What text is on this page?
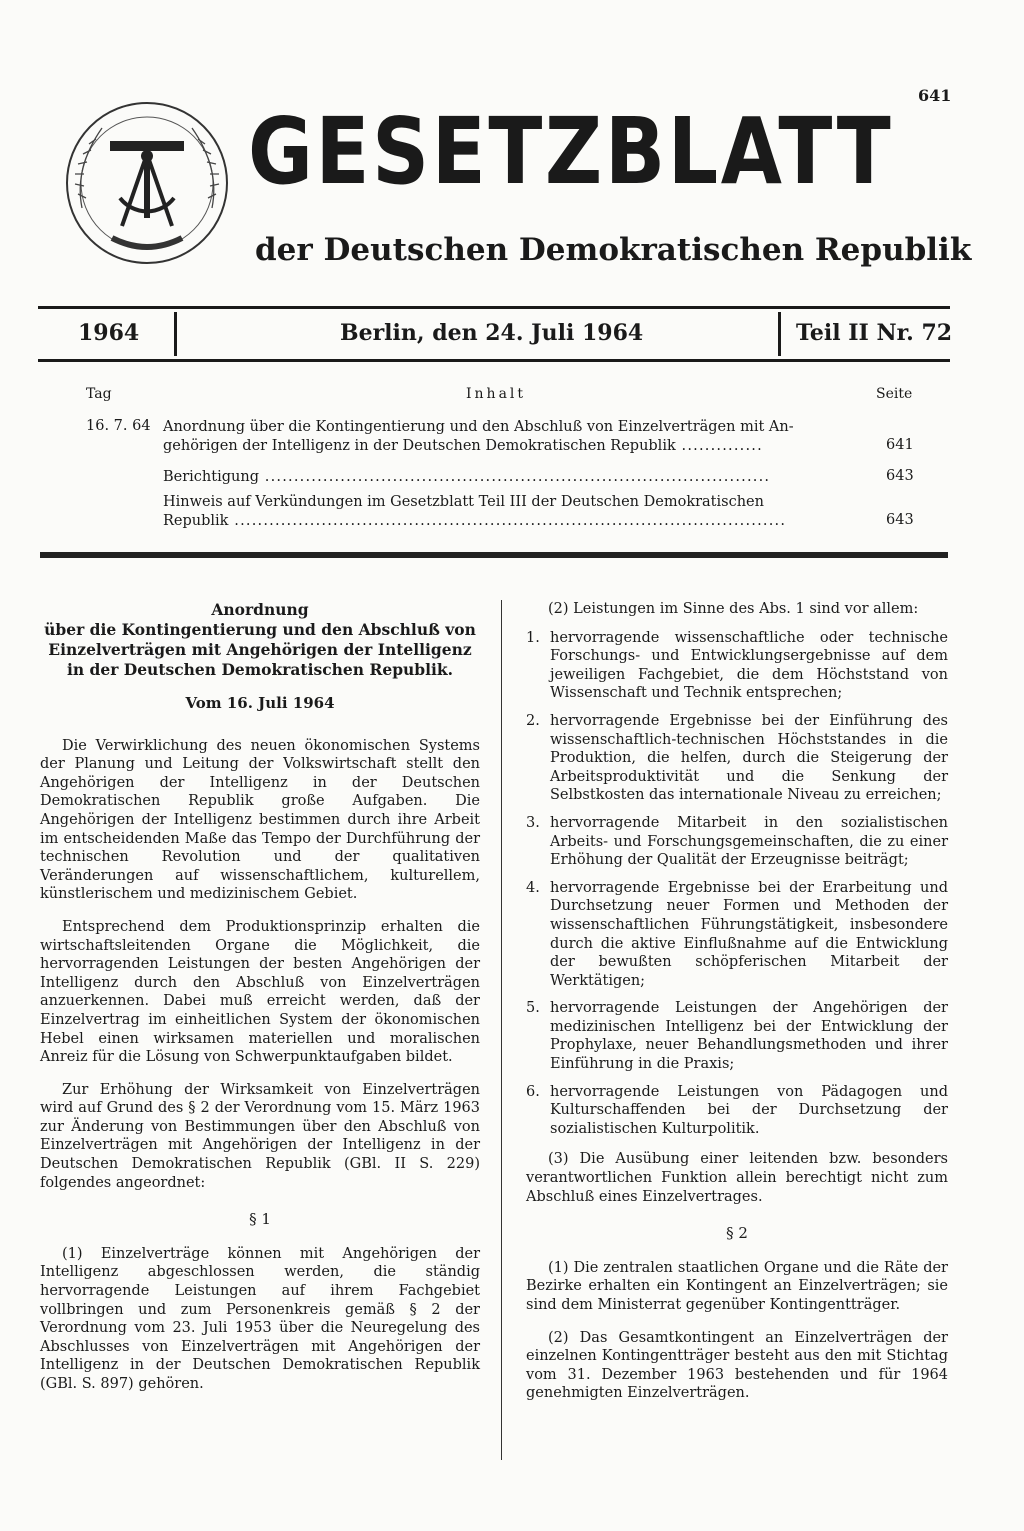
641
GESETZBLATT
der Deutschen Demokratischen Republik
1964	Berlin, den 24. Juli 1964	Teil II Nr. 72
Tag	Inhalt	Seite
16. 7. 64 Anordnung über die Kontingentierung und den Abschluß von Einzelverträgen mit An-
gehörigen der Intelligenz in der Deutschen Demokratischen Republik ..............	641
Berichtigung .......................................................................................	643
Hinweis auf Verkündungen im Gesetzblatt Teil III der Deutschen Demokratischen
Republik ...............................................................................................	643
Anordnung
über die Kontingentierung und den Abschluß von
Einzelverträgen mit Angehörigen der Intelligenz
in der Deutschen Demokratischen Republik.
Vom 16. Juli 1964

Die Verwirklichung des neuen ökonomischen Systems der Planung und Leitung der Volkswirtschaft stellt den Angehörigen der Intelligenz in der Deutschen Demokratischen Republik große Aufgaben. Die Angehörigen der Intelligenz bestimmen durch ihre Arbeit im entscheidenden Maße das Tempo der Durchführung der technischen Revolution und der qualitativen Veränderungen auf wissenschaftlichem, kulturellem, künstlerischem und medizinischem Gebiet.

Entsprechend dem Produktionsprinzip erhalten die wirtschaftsleitenden Organe die Möglichkeit, die hervorragenden Leistungen der besten Angehörigen der Intelligenz durch den Abschluß von Einzelverträgen anzuerkennen. Dabei muß erreicht werden, daß der Einzelvertrag im einheitlichen System der ökonomischen Hebel einen wirksamen materiellen und moralischen Anreiz für die Lösung von Schwerpunktaufgaben bildet.

Zur Erhöhung der Wirksamkeit von Einzelverträgen wird auf Grund des § 2 der Verordnung vom 15. März 1963 zur Änderung von Bestimmungen über den Abschluß von Einzelverträgen mit Angehörigen der Intelligenz in der Deutschen Demokratischen Republik (GBl. II S. 229) folgendes angeordnet:

§ 1

(1) Einzelverträge können mit Angehörigen der Intelligenz abgeschlossen werden, die ständig hervorragende Leistungen auf ihrem Fachgebiet vollbringen und zum Personenkreis gemäß § 2 der Verordnung vom 23. Juli 1953 über die Neuregelung des Abschlusses von Einzelverträgen mit Angehörigen der Intelligenz in der Deutschen Demokratischen Republik (GBl. S. 897) gehören.

(2) Leistungen im Sinne des Abs. 1 sind vor allem:

1. hervorragende wissenschaftliche oder technische Forschungs- und Entwicklungsergebnisse auf dem jeweiligen Fachgebiet, die dem Höchststand von Wissenschaft und Technik entsprechen;
2. hervorragende Ergebnisse bei der Einführung des wissenschaftlich-technischen Höchststandes in die Produktion, die helfen, durch die Steigerung der Arbeitsproduktivität und die Senkung der Selbstkosten das internationale Niveau zu erreichen;
3. hervorragende Mitarbeit in den sozialistischen Arbeits- und Forschungsgemeinschaften, die zu einer Erhöhung der Qualität der Erzeugnisse beiträgt;
4. hervorragende Ergebnisse bei der Erarbeitung und Durchsetzung neuer Formen und Methoden der wissenschaftlichen Führungstätigkeit, insbesondere durch die aktive Einflußnahme auf die Entwicklung der bewußten schöpferischen Mitarbeit der Werktätigen;
5. hervorragende Leistungen der Angehörigen der medizinischen Intelligenz bei der Entwicklung der Prophylaxe, neuer Behandlungsmethoden und ihrer Einführung in die Praxis;
6. hervorragende Leistungen von Pädagogen und Kulturschaffenden bei der Durchsetzung der sozialistischen Kulturpolitik.

(3) Die Ausübung einer leitenden bzw. besonders verantwortlichen Funktion allein berechtigt nicht zum Abschluß eines Einzelvertrages.

§ 2

(1) Die zentralen staatlichen Organe und die Räte der Bezirke erhalten ein Kontingent an Einzelverträgen; sie sind dem Ministerrat gegenüber Kontingentträger.

(2) Das Gesamtkontingent an Einzelverträgen der einzelnen Kontingentträger besteht aus den mit Stichtag vom 31. Dezember 1963 bestehenden und für 1964 genehmigten Einzelverträgen.
